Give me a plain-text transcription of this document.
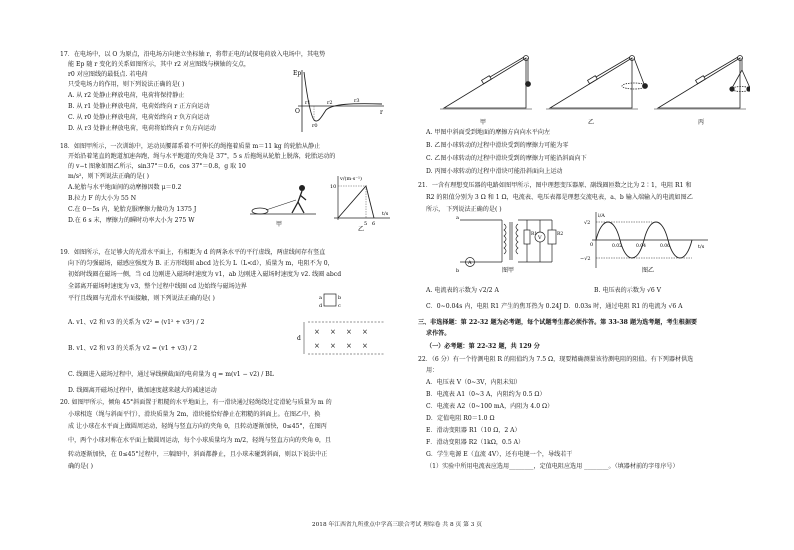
17．在电场中，以 O 为原点，沿电场方向建立坐标轴 r，将带正电的试探电荷放入电场中，其电势
能 Ep 随 r 变化的关系如图所示，其中 r2 对应图线与横轴的交点，
r0 对应图线的最低点. 若电荷
只受电场力的作用，则下列说法正确的是( )
A. 从 r2 处静止释放电荷，电荷将保持静止
B. 从 r1 处静止释放电荷，电荷始终向 r 正方向运动
C. 从 r0 处静止释放电荷，电荷始终向 r 负方向运动
D. 从 r3 处静止释放电荷，电荷将始终向 r 负方向运动
Ep
r
O
r1	r2	r3
r0
18．如图甲所示，一次训练中，运动员腰部系着不可伸长的绳拖着质量 m＝11 kg 的轮胎从静止
开始沿着笔直的跑道加速奔跑，绳与水平跑道的夹角是 37°，5 s 后拖绳从轮胎上脱落，轮胎运动的
的 v−t 图象如图乙所示，sin37°＝0.6，cos 37°＝0.8，g 取 10
m/s²，则下列说法正确的是( )
A.轮胎与水平地面间的动摩擦因数 μ＝0.2
B.拉力 F 的大小为 55 N
C.在 0～5s 内，轮胎克服摩擦力做功为 1375 J
D.在 6 s 末，摩擦力的瞬时功率大小为 275 W
甲
v/(m·s⁻¹)
t/s
10
5 6
乙
19．如图所示，在足够大的光滑水平面上，有相距为 d 的两条水平的平行虚线，两虚线间存有竖直
向下的匀强磁场，磁感应强度为 B. 正方形线圈 abcd 边长为 L（L<d），质量为 m，电阻不为 0，
初始时线圈在磁场一侧，当 cd 边刚进入磁场时速度为 v1，ab 边刚进入磁场时速度为 v2. 线圈 abcd
全部离开磁场时速度为 v3，整个过程中线圈 cd 边始终与磁场边界
平行且线圈与光滑水平面接触，则下列说法正确的是( )
A. v1、v2 和 v3 的关系为 v2² = (v1² + v3²) / 2
B. v1、v2 和 v3 的关系为 v2 = (v1 + v3) / 2
C. 线圈进入磁场过程中，通过导线横截面的电荷量为 q = m(v1 − v2) / BL
D. 线圈离开磁场过程中，做加速度越来越大的减速运动
a	b
d	c
d
× × × ×
× × × ×
20. 如图甲所示，倾角 45°斜面置于粗糙的水平地面上，有一滑块通过轻绳绕过定滑轮与质量为 m 的
小球相连（绳与斜面平行），滑块质量为 2m，滑块能恰好静止在粗糙的斜面上。在图乙中，换
成 让小球在水平面上做圆周运动，轻绳与竖直方向的夹角 θ，且转动逐渐加快，0≤45°，在图丙
中，两个小球对称在水平面上做圆周运动，每个小球质量均为 m/2，轻绳与竖直方向的夹角 θ，且
转动逐渐加快，在 0≤45°过程中，三幅图中，斜面都静止，且小球未碰到斜面，则以下说法中正
确的是( )
甲	乙	丙
A. 甲图中斜面受到地面的摩擦方向向水平向左
B. 乙图小球转动的过程中滑块受到的摩擦力可能为零
C. 乙图小球转动的过程中滑块受到的摩擦力可能沿斜面向下
D. 丙图小球转动的过程中滑块可能沿斜面向上运动
21．一含有理想变压器的电路如图甲所示，图中理想变压器原、副线圈匝数之比为 2∶1，电阻 R1 和
R2 的阻值分别为 3 Ω 和 1 Ω，电流表、电压表都是理想交流电表，a、b 输入端输入的电流如图乙
所示， 下列说法正确的是( )
a
b
A
V
R1	R2
图甲
i/A
t/s
√2
−√2
0	0.02	0.04	0.06
图乙
A. 电流表的示数为 √2/2 A	B. 电压表的示数为 √6 V
C．0~0.04s 内，电阻 R1 产生的焦耳热为 0.24J D．0.03s 时，通过电阻 R1 的电流为 √6 A
三、非选择题：第 22-32 题为必考题，每个试题考生都必须作答。第 33-38 题为选考题，考生根据要
求作答。
（一）必考题：第 22-32 题，共 129 分
22．（6 分）有一个待测电阻 R 的阻值约为 7.5 Ω，现要精确测量该待测电阻的阻值。有下列器材供选
用：
A．电压表 V（0~3V，内阻未知）
B．电流表 A1（0~3 A，内阻约为 0.5 Ω）
C．电流表 A2（0~100 mA，内阻为 4.0 Ω）
D．定值电阻 R0＝1.0 Ω
E．滑动变阻器 R1（10 Ω，2 A）
F．滑动变阻器 R2（1kΩ，0.5 A）
G．学生电源 E（直流 4V），还有电键一个，导线若干
（1）实验中所用电流表应选用________，定值电阻应选用 ________。（填器材前的字母序号）
2018 年江西省九所重点中学高三联合考试 理综卷 共 8 页 第 3 页
